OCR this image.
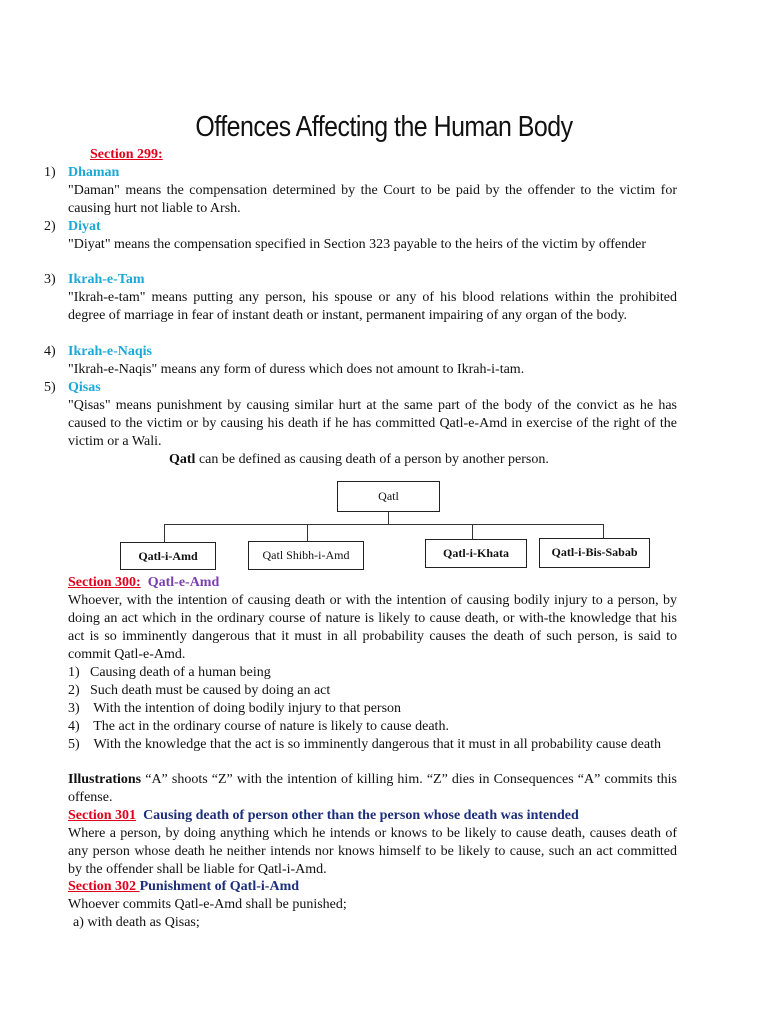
Offences Affecting the Human Body
Section 299:
1) Dhaman
"Daman" means the compensation determined by the Court to be paid by the offender to the victim for causing hurt not liable to Arsh.
2) Diyat
"Diyat" means the compensation specified in Section 323 payable to the heirs of the victim by offender
3) Ikrah-e-Tam
"Ikrah-e-tam" means putting any person, his spouse or any of his blood relations within the prohibited degree of marriage in fear of instant death or instant, permanent impairing of any organ of the body.
4) Ikrah-e-Naqis
"Ikrah-e-Naqis" means any form of duress which does not amount to Ikrah-i-tam.
5) Qisas
"Qisas" means punishment by causing similar hurt at the same part of the body of the convict as he has caused to the victim or by causing his death if he has committed Qatl-e-Amd in exercise of the right of the victim or a Wali.
Qatl can be defined as causing death of a person by another person.
Qatl
Qatl-i-Amd	Qatl Shibh-i-Amd	Qatl-i-Khata	Qatl-i-Bis-Sabab
Section 300: Qatl-e-Amd
Whoever, with the intention of causing death or with the intention of causing bodily injury to a person, by doing an act which in the ordinary course of nature is likely to cause death, or with-the knowledge that his act is so imminently dangerous that it must in all probability causes the death of such person, is said to commit Qatl-e-Amd.
1) Causing death of a human being
2) Such death must be caused by doing an act
3) With the intention of doing bodily injury to that person
4) The act in the ordinary course of nature is likely to cause death.
5) With the knowledge that the act is so imminently dangerous that it must in all probability cause death
Illustrations “A” shoots “Z” with the intention of killing him. “Z” dies in Consequences “A” commits this offense.
Section 301 Causing death of person other than the person whose death was intended
Where a person, by doing anything which he intends or knows to be likely to cause death, causes death of any person whose death he neither intends nor knows himself to be likely to cause, such an act committed by the offender shall be liable for Qatl-i-Amd.
Section 302 Punishment of Qatl-i-Amd
Whoever commits Qatl-e-Amd shall be punished;
a) with death as Qisas;
